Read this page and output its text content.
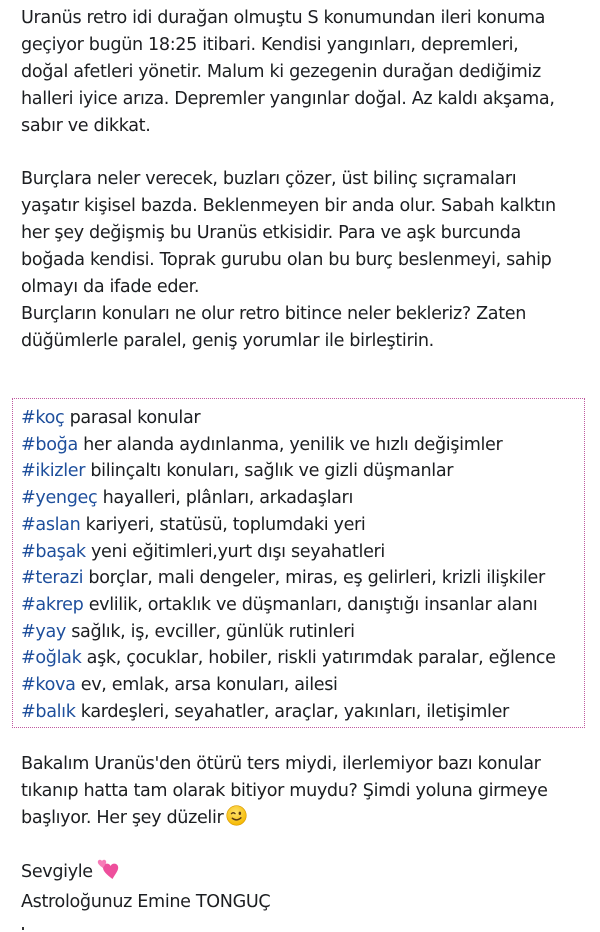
Uranüs retro idi durağan olmuştu S konumundan ileri konuma
geçiyor bugün 18:25 itibari. Kendisi yangınları, depremleri,
doğal afetleri yönetir. Malum ki gezegenin durağan dediğimiz
halleri iyice arıza. Depremler yangınlar doğal. Az kaldı akşama,
sabır ve dikkat.
Burçlara neler verecek, buzları çözer, üst bilinç sıçramaları
yaşatır kişisel bazda. Beklenmeyen bir anda olur. Sabah kalktın
her şey değişmiş bu Uranüs etkisidir. Para ve aşk burcunda
boğada kendisi. Toprak gurubu olan bu burç beslenmeyi, sahip
olmayı da ifade eder.
Burçların konuları ne olur retro bitince neler bekleriz? Zaten
düğümlerle paralel, geniş yorumlar ile birleştirin.
#koç parasal konular
#boğa her alanda aydınlanma, yenilik ve hızlı değişimler
#ikizler bilinçaltı konuları, sağlık ve gizli düşmanlar
#yengeç hayalleri, plânları, arkadaşları
#aslan kariyeri, statüsü, toplumdaki yeri
#başak yeni eğitimleri,yurt dışı seyahatleri
#terazi borçlar, mali dengeler, miras, eş gelirleri, krizli ilişkiler
#akrep evlilik, ortaklık ve düşmanları, danıştığı insanlar alanı
#yay sağlık, iş, evciller, günlük rutinleri
#oğlak aşk, çocuklar, hobiler, riskli yatırımdak paralar, eğlence
#kova ev, emlak, arsa konuları, ailesi
#balık kardeşleri, seyahatler, araçlar, yakınları, iletişimler
Bakalım Uranüs'den ötürü ters miydi, ilerlemiyor bazı konular
tıkanıp hatta tam olarak bitiyor muydu? Şimdi yoluna girmeye
başlıyor. Her şey düzelir
Sevgiyle
Astroloğunuz Emine TONGUÇ
